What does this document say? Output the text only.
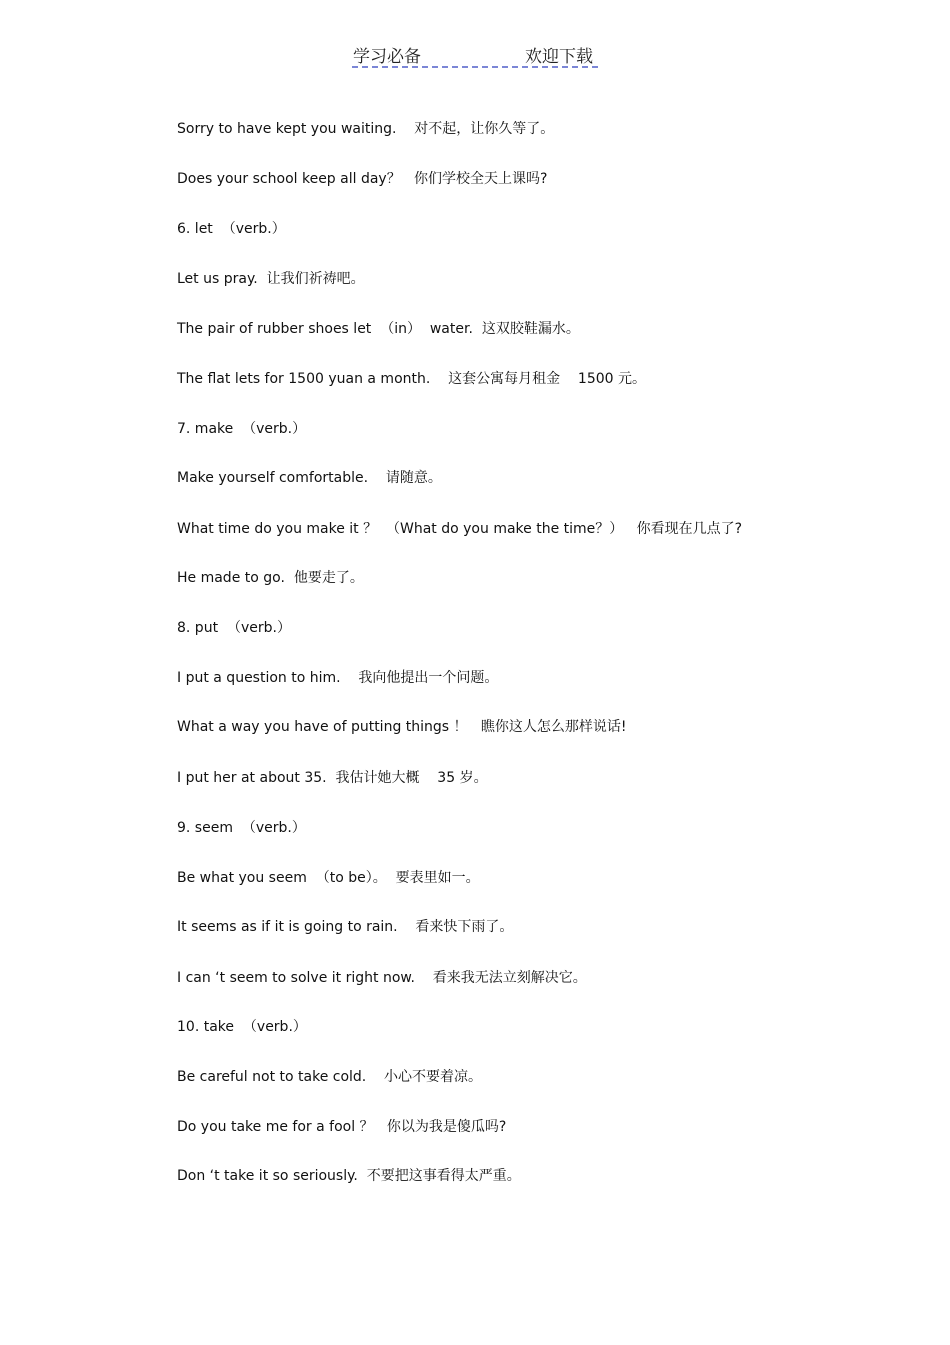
学习必备	欢迎下载
Sorry to have kept you waiting.    对不起，让你久等了。
Does your school keep all day？   你们学校全天上课吗?
6. let  （verb.）
Let us pray.  让我们祈祷吧。
The pair of rubber shoes let  （in）  water.  这双胶鞋漏水。
The flat lets for 1500 yuan a month.    这套公寓每月租金    1500 元。
7. make  （verb.）
Make yourself comfortable.    请随意。
What time do you make it ？  （What do you make the time？）   你看现在几点了?
He made to go.  他要走了。
8. put  （verb.）
I put a question to him.    我向他提出一个问题。
What a way you have of putting things ！   瞧你这人怎么那样说话!
I put her at about 35.  我估计她大概    35 岁。
9. seem  （verb.）
Be what you seem  （to be）。  要表里如一。
It seems as if it is going to rain.    看来快下雨了。
I can ‘t seem to solve it right now.    看来我无法立刻解决它。
10. take  （verb.）
Be careful not to take cold.    小心不要着凉。
Do you take me for a fool ？   你以为我是傻瓜吗?
Don ‘t take it so seriously.  不要把这事看得太严重。
